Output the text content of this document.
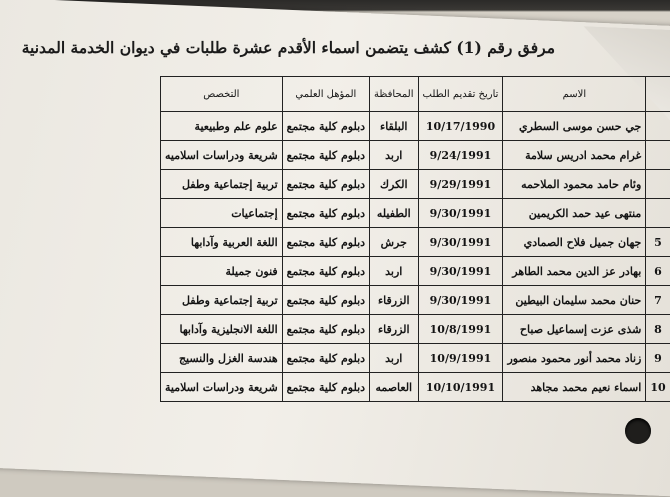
مرفق رقم (1) كشف يتضمن اسماء الأقدم عشرة طلبات في ديوان الخدمة المدنية
	الاسم	تاريخ تقديم الطلب	المحافظة	المؤهل العلمي	التخصص
	جي حسن موسى السطري	10/17/1990	البلقاء	دبلوم كلية مجتمع	علوم علم وطبيعية
	غرام محمد ادريس سلامة	9/24/1991	اربد	دبلوم كلية مجتمع	شريعة ودراسات اسلاميه
	وئام حامد محمود الملاحمه	9/29/1991	الكرك	دبلوم كلية مجتمع	تربية إجتماعية وطفل
	منتهى عيد حمد الكريمين	9/30/1991	الطفيله	دبلوم كلية مجتمع	إجتماعيات
5	جهان جميل فلاح الصمادي	9/30/1991	جرش	دبلوم كلية مجتمع	اللغة العربية وآدابها
6	بهادر عز الدين محمد الطاهر	9/30/1991	اربد	دبلوم كلية مجتمع	فنون جميلة
7	حنان محمد سليمان البيطين	9/30/1991	الزرقاء	دبلوم كلية مجتمع	تربية إجتماعية وطفل
8	شذى عزت إسماعيل صباح	10/8/1991	الزرقاء	دبلوم كلية مجتمع	اللغة الانجليزية وآدابها
9	زناد محمد أنور محمود منصور	10/9/1991	اربد	دبلوم كلية مجتمع	هندسة الغزل والنسيج
10	اسماء نعيم محمد مجاهد	10/10/1991	العاصمه	دبلوم كلية مجتمع	شريعة ودراسات اسلامية
